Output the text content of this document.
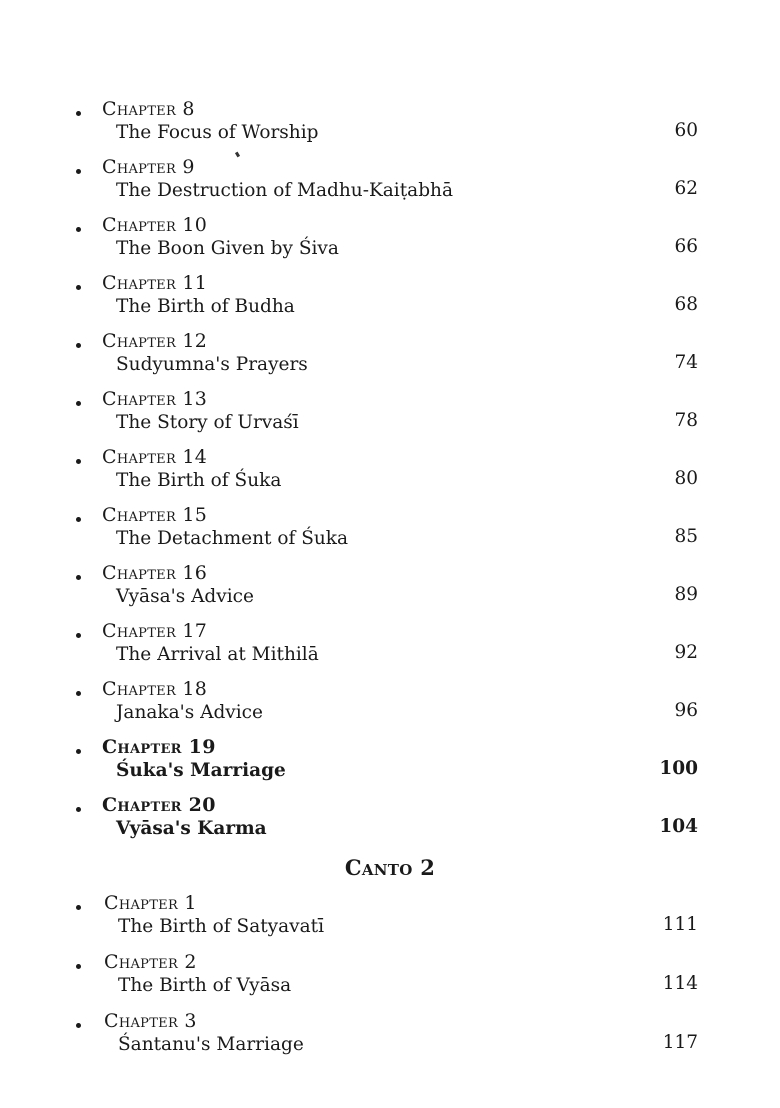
Chapter 8
The Focus of Worship	60
Chapter 9
The Destruction of Madhu-Kaiṭabhā	62
Chapter 10
The Boon Given by Śiva	66
Chapter 11
The Birth of Budha	68
Chapter 12
Sudyumna's Prayers	74
Chapter 13
The Story of Urvaśī	78
Chapter 14
The Birth of Śuka	80
Chapter 15
The Detachment of Śuka	85
Chapter 16
Vyāsa's Advice	89
Chapter 17
The Arrival at Mithilā	92
Chapter 18
Janaka's Advice	96
Chapter 19
Śuka's Marriage	100
Chapter 20
Vyāsa's Karma	104
Canto 2
Chapter 1
The Birth of Satyavatī	111
Chapter 2
The Birth of Vyāsa	114
Chapter 3
Śantanu's Marriage	117
